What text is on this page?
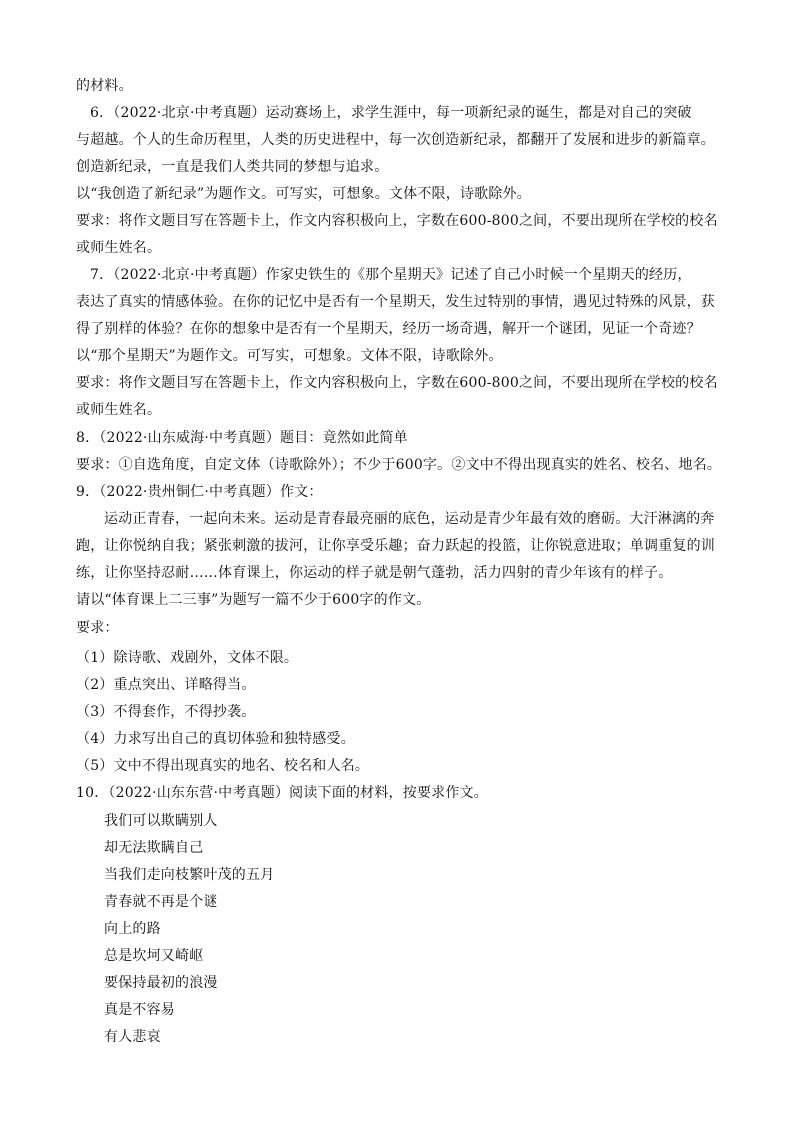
的材料。
6．（2022·北京·中考真题）运动赛场上，求学生涯中，每一项新纪录的诞生，都是对自己的突破
与超越。个人的生命历程里，人类的历史进程中，每一次创造新纪录，都翻开了发展和进步的新篇章。
创造新纪录，一直是我们人类共同的梦想与追求。
以“我创造了新纪录”为题作文。可写实，可想象。文体不限，诗歌除外。
要求：将作文题目写在答题卡上，作文内容积极向上，字数在600-800之间，不要出现所在学校的校名
或师生姓名。
7．（2022·北京·中考真题）作家史铁生的《那个星期天》记述了自己小时候一个星期天的经历，
表达了真实的情感体验。在你的记忆中是否有一个星期天，发生过特别的事情，遇见过特殊的风景，获
得了别样的体验？在你的想象中是否有一个星期天，经历一场奇遇，解开一个谜团，见证一个奇迹？
以“那个星期天”为题作文。可写实，可想象。文体不限，诗歌除外。
要求：将作文题目写在答题卡上，作文内容积极向上，字数在600-800之间，不要出现所在学校的校名
或师生姓名。
8．（2022·山东威海·中考真题）题目：竟然如此简单
要求：①自选角度，自定文体（诗歌除外）；不少于600字。②文中不得出现真实的姓名、校名、地名。
9．（2022·贵州铜仁·中考真题）作文：
运动正青春，一起向未来。运动是青春最亮丽的底色，运动是青少年最有效的磨砺。大汗淋漓的奔
跑，让你悦纳自我；紧张刺激的拔河，让你享受乐趣；奋力跃起的投篮，让你锐意进取；单调重复的训
练，让你坚持忍耐……体育课上，你运动的样子就是朝气蓬勃，活力四射的青少年该有的样子。
请以“体育课上二三事”为题写一篇不少于600字的作文。
要求：
（1）除诗歌、戏剧外，文体不限。
（2）重点突出、详略得当。
（3）不得套作，不得抄袭。
（4）力求写出自己的真切体验和独特感受。
（5）文中不得出现真实的地名、校名和人名。
10．（2022·山东东营·中考真题）阅读下面的材料，按要求作文。
我们可以欺瞒别人
却无法欺瞒自己
当我们走向枝繁叶茂的五月
青春就不再是个谜
向上的路
总是坎坷又崎岖
要保持最初的浪漫
真是不容易
有人悲哀
